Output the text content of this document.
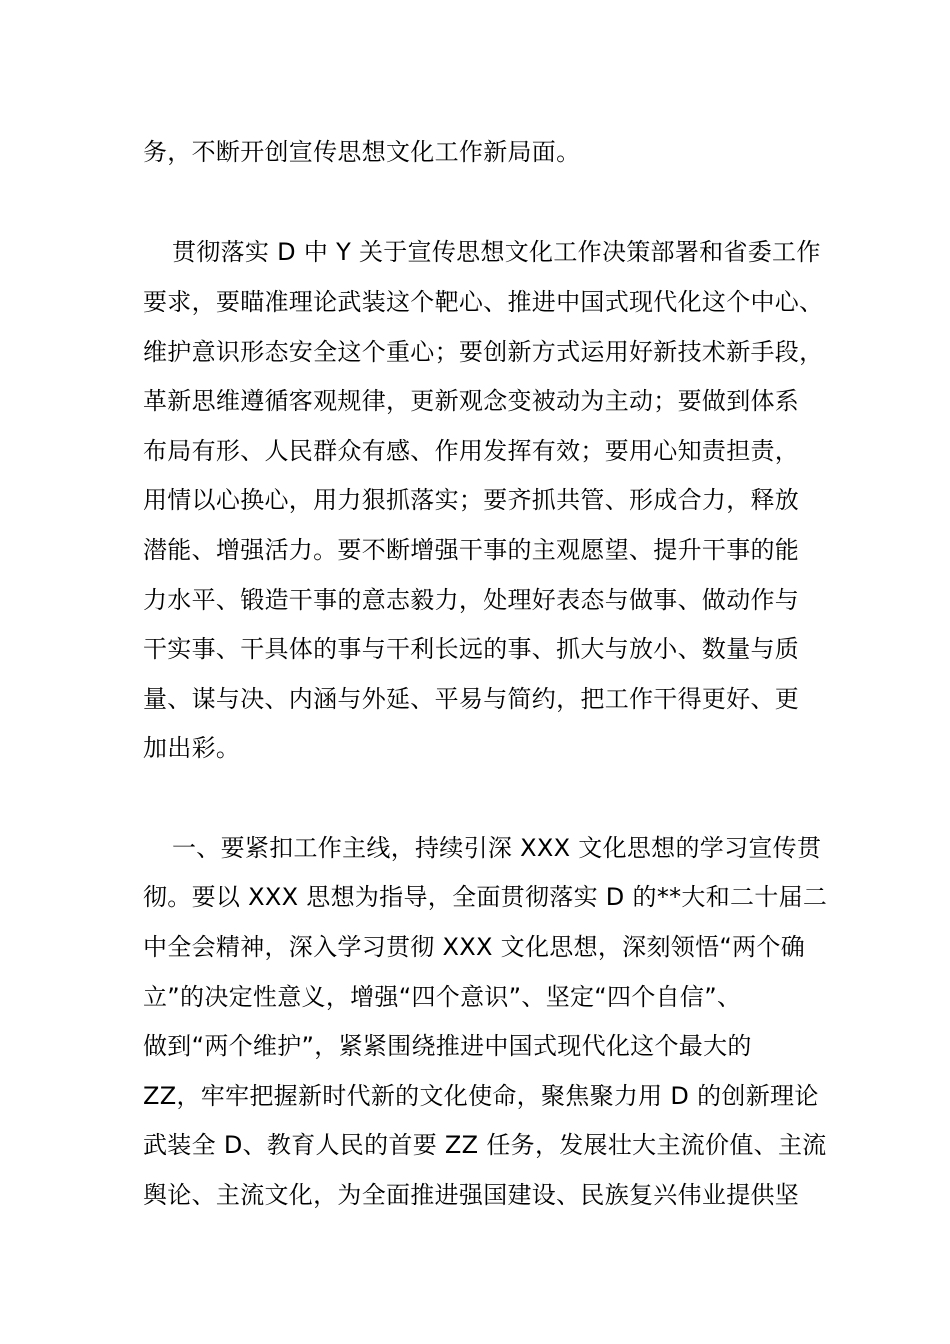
务，不断开创宣传思想文化工作新局面。
贯彻落实 D 中 Y 关于宣传思想文化工作决策部署和省委工作
要求，要瞄准理论武装这个靶心、推进中国式现代化这个中心、
维护意识形态安全这个重心；要创新方式运用好新技术新手段，
革新思维遵循客观规律，更新观念变被动为主动；要做到体系
布局有形、人民群众有感、作用发挥有效；要用心知责担责，
用情以心换心，用力狠抓落实；要齐抓共管、形成合力，释放
潜能、增强活力。要不断增强干事的主观愿望、提升干事的能
力水平、锻造干事的意志毅力，处理好表态与做事、做动作与
干实事、干具体的事与干利长远的事、抓大与放小、数量与质
量、谋与决、内涵与外延、平易与简约，把工作干得更好、更
加出彩。
一、要紧扣工作主线，持续引深 XXX 文化思想的学习宣传贯
彻。要以 XXX 思想为指导，全面贯彻落实 D 的**大和二十届二
中全会精神，深入学习贯彻 XXX 文化思想，深刻领悟“两个确
立”的决定性意义，增强“四个意识”、坚定“四个自信”、
做到“两个维护”，紧紧围绕推进中国式现代化这个最大的
ZZ，牢牢把握新时代新的文化使命，聚焦聚力用 D 的创新理论
武装全 D、教育人民的首要 ZZ 任务，发展壮大主流价值、主流
舆论、主流文化，为全面推进强国建设、民族复兴伟业提供坚
